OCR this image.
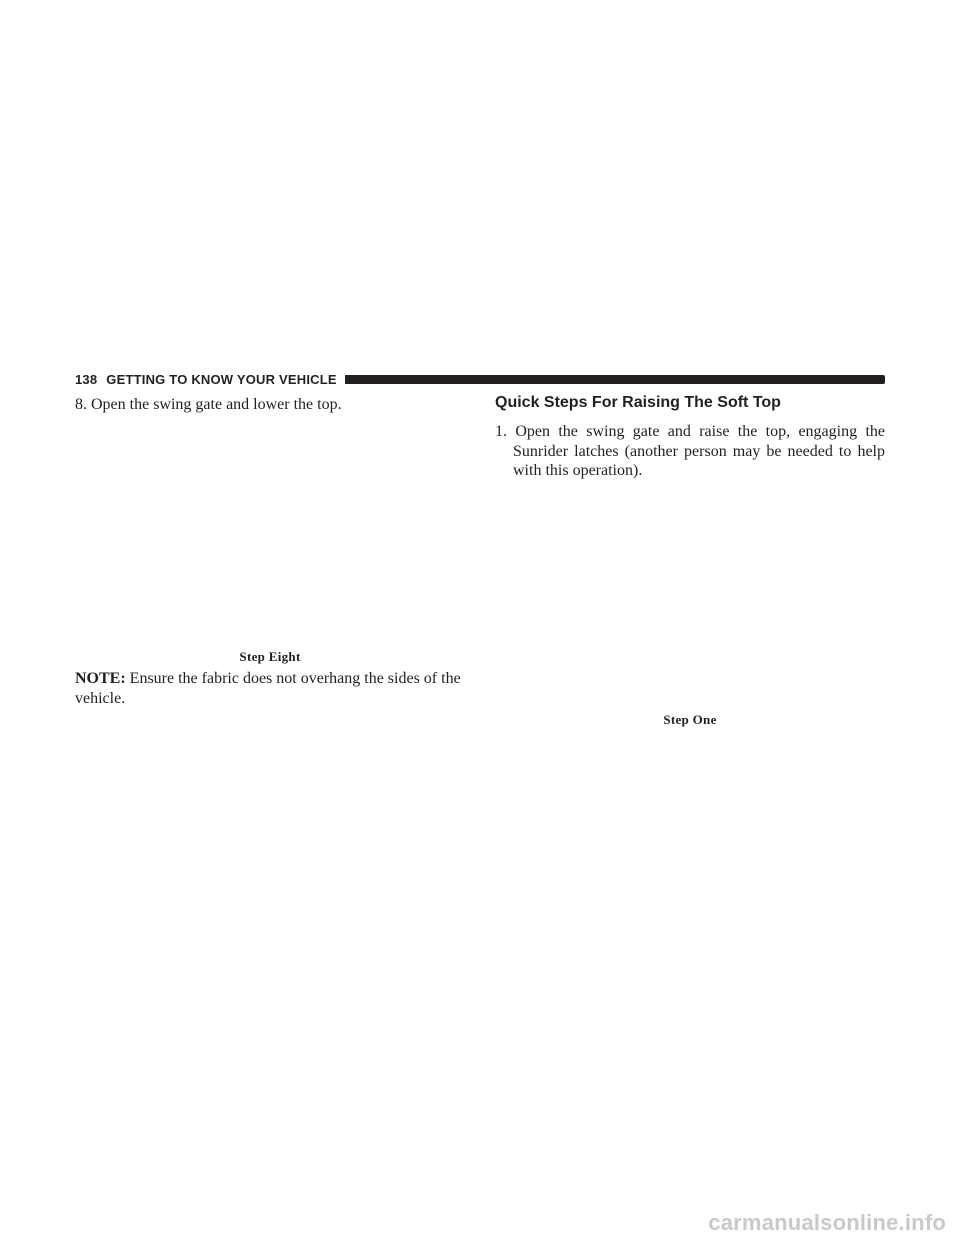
138 GETTING TO KNOW YOUR VEHICLE

8. Open the swing gate and lower the top.

Step Eight

NOTE: Ensure the fabric does not overhang the sides of the vehicle.

Quick Steps For Raising The Soft Top

1. Open the swing gate and raise the top, engaging the Sunrider latches (another person may be needed to help with this operation).

Step One
carmanualsonline.info
